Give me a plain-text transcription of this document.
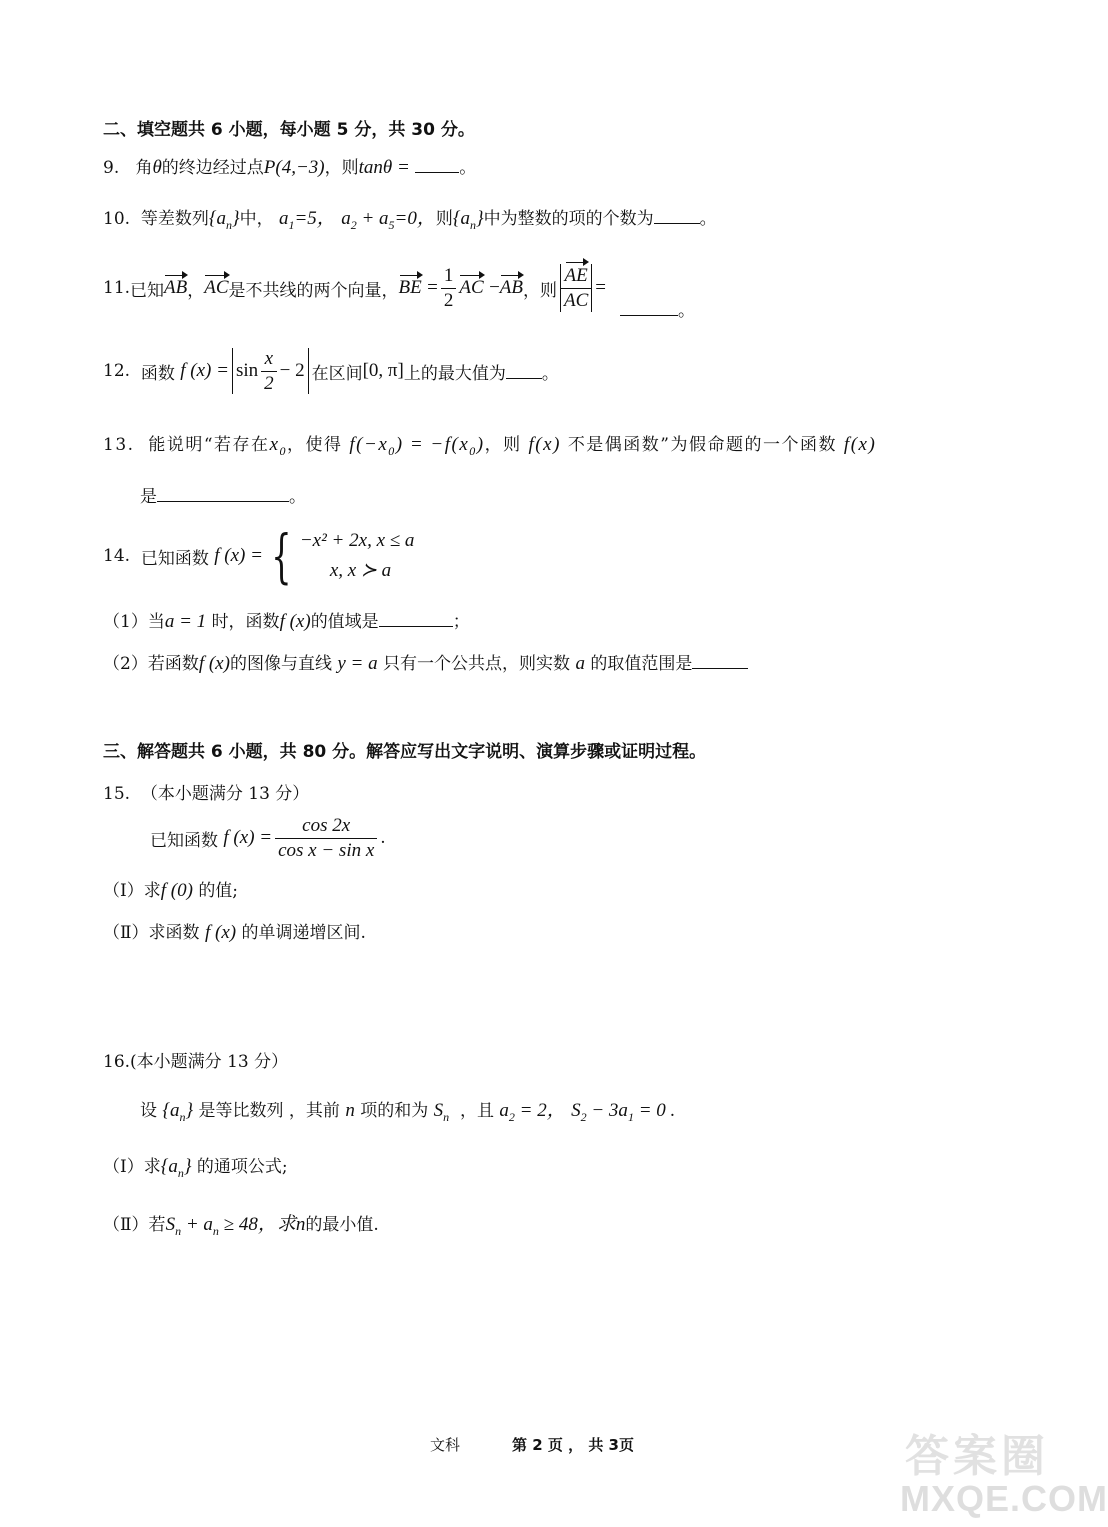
二、填空题共 6 小题，每小题 5 分，共 30 分。
9. 角θ的终边经过点P(4,−3)，则tanθ =	。
10. 等差数列$\{a_n\}$中， $a_1=5$， $a_2 + a_5=0$，则$\{a_n\}$中为整数的项的个数为	。
11. 已知 AB ， AC 是不共线的两个向量， BE
= $\frac{1}{2}$ AC
− AB ，则 $\frac{AE}{AC}$ =
。
12.
函数
f $(x) = \sin \frac{x}{2} - 2$ 在区间 [0, π] 上的最大值为 。
13. 能说明“若存在$x_0$，使得 $f(-x_0) = -f(x_0)$，则 f(x) 不是偶函数”为假命题的一个函数 f(x)
是	。
14.
已知函数
f (x) = { −x² + 2x, x ≤ a
x, x ≻ a
（1）当a = 1 时，函数f (x)的值域是	；
（2）若函数f (x)的图像与直线 y = a 只有一个公共点，则实数 a 的取值范围是
三、解答题共 6 小题，共 80 分。解答应写出文字说明、演算步骤或证明过程。
15. （本小题满分 13 分）
已知函数
f $(x) = \frac{\cos 2x}{\text{cos x − sin x}}$ .
（Ⅰ）求f (0) 的值;
（Ⅱ）求函数 f (x) 的单调递增区间.
16.(本小题满分 13 分）
设 $\{a_n\}$ 是等比数列 ，其前 n 项的和为 $S_n$ ，且 $a_2 = 2$， $S_2 - 3a_1 = 0$ .
（Ⅰ）求$\{a_n\}$ 的通项公式;
（Ⅱ）若$S_n + a_n \ge 48$，求n的最小值.
文科	第 2 页 ， 共 3页	答案圈
MXQE.COM
